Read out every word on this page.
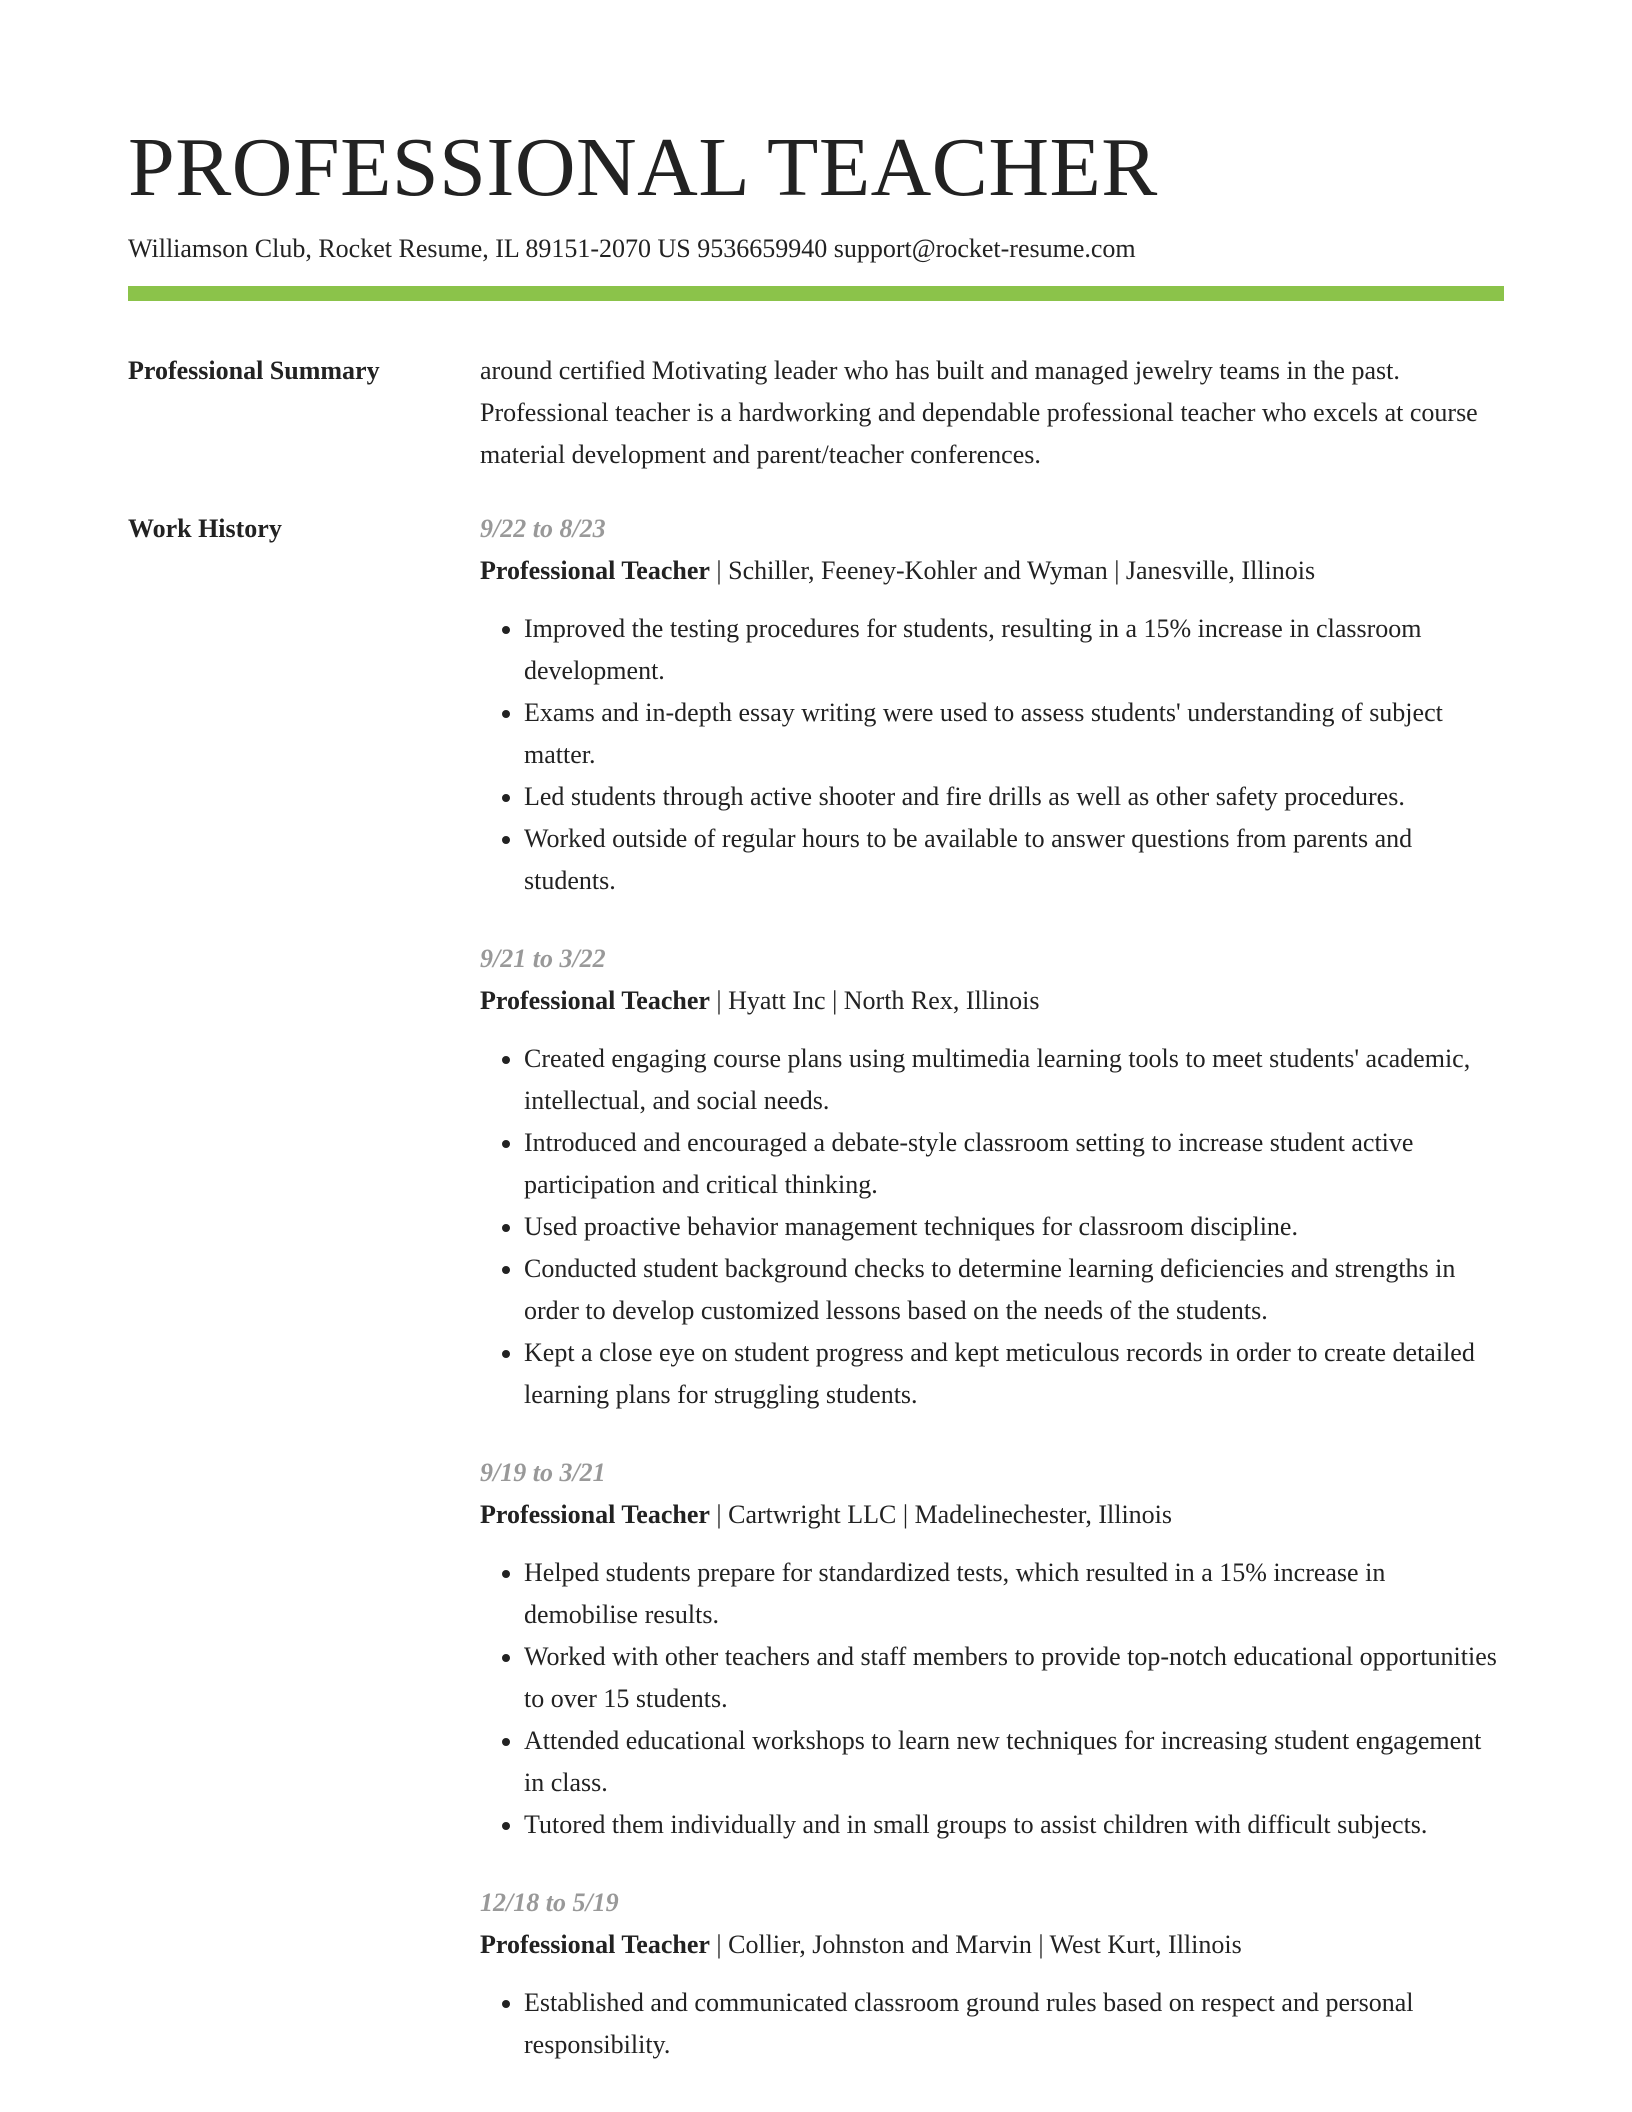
PROFESSIONAL TEACHER
Williamson Club, Rocket Resume, IL 89151-2070 US 9536659940 support@rocket-resume.com
Professional Summary	around certified Motivating leader who has built and managed jewelry teams in the past. Professional teacher is a hardworking and dependable professional teacher who excels at course material development and parent/teacher conferences.
Work History	9/22 to 8/23
Professional Teacher | Schiller, Feeney-Kohler and Wyman | Janesville, Illinois
• Improved the testing procedures for students, resulting in a 15% increase in classroom development.
• Exams and in-depth essay writing were used to assess students' understanding of subject matter.
• Led students through active shooter and fire drills as well as other safety procedures.
• Worked outside of regular hours to be available to answer questions from parents and students.
9/21 to 3/22
Professional Teacher | Hyatt Inc | North Rex, Illinois
• Created engaging course plans using multimedia learning tools to meet students' academic, intellectual, and social needs.
• Introduced and encouraged a debate-style classroom setting to increase student active participation and critical thinking.
• Used proactive behavior management techniques for classroom discipline.
• Conducted student background checks to determine learning deficiencies and strengths in order to develop customized lessons based on the needs of the students.
• Kept a close eye on student progress and kept meticulous records in order to create detailed learning plans for struggling students.
9/19 to 3/21
Professional Teacher | Cartwright LLC | Madelinechester, Illinois
• Helped students prepare for standardized tests, which resulted in a 15% increase in demobilise results.
• Worked with other teachers and staff members to provide top-notch educational opportunities to over 15 students.
• Attended educational workshops to learn new techniques for increasing student engagement in class.
• Tutored them individually and in small groups to assist children with difficult subjects.
12/18 to 5/19
Professional Teacher | Collier, Johnston and Marvin | West Kurt, Illinois
• Established and communicated classroom ground rules based on respect and personal responsibility.
